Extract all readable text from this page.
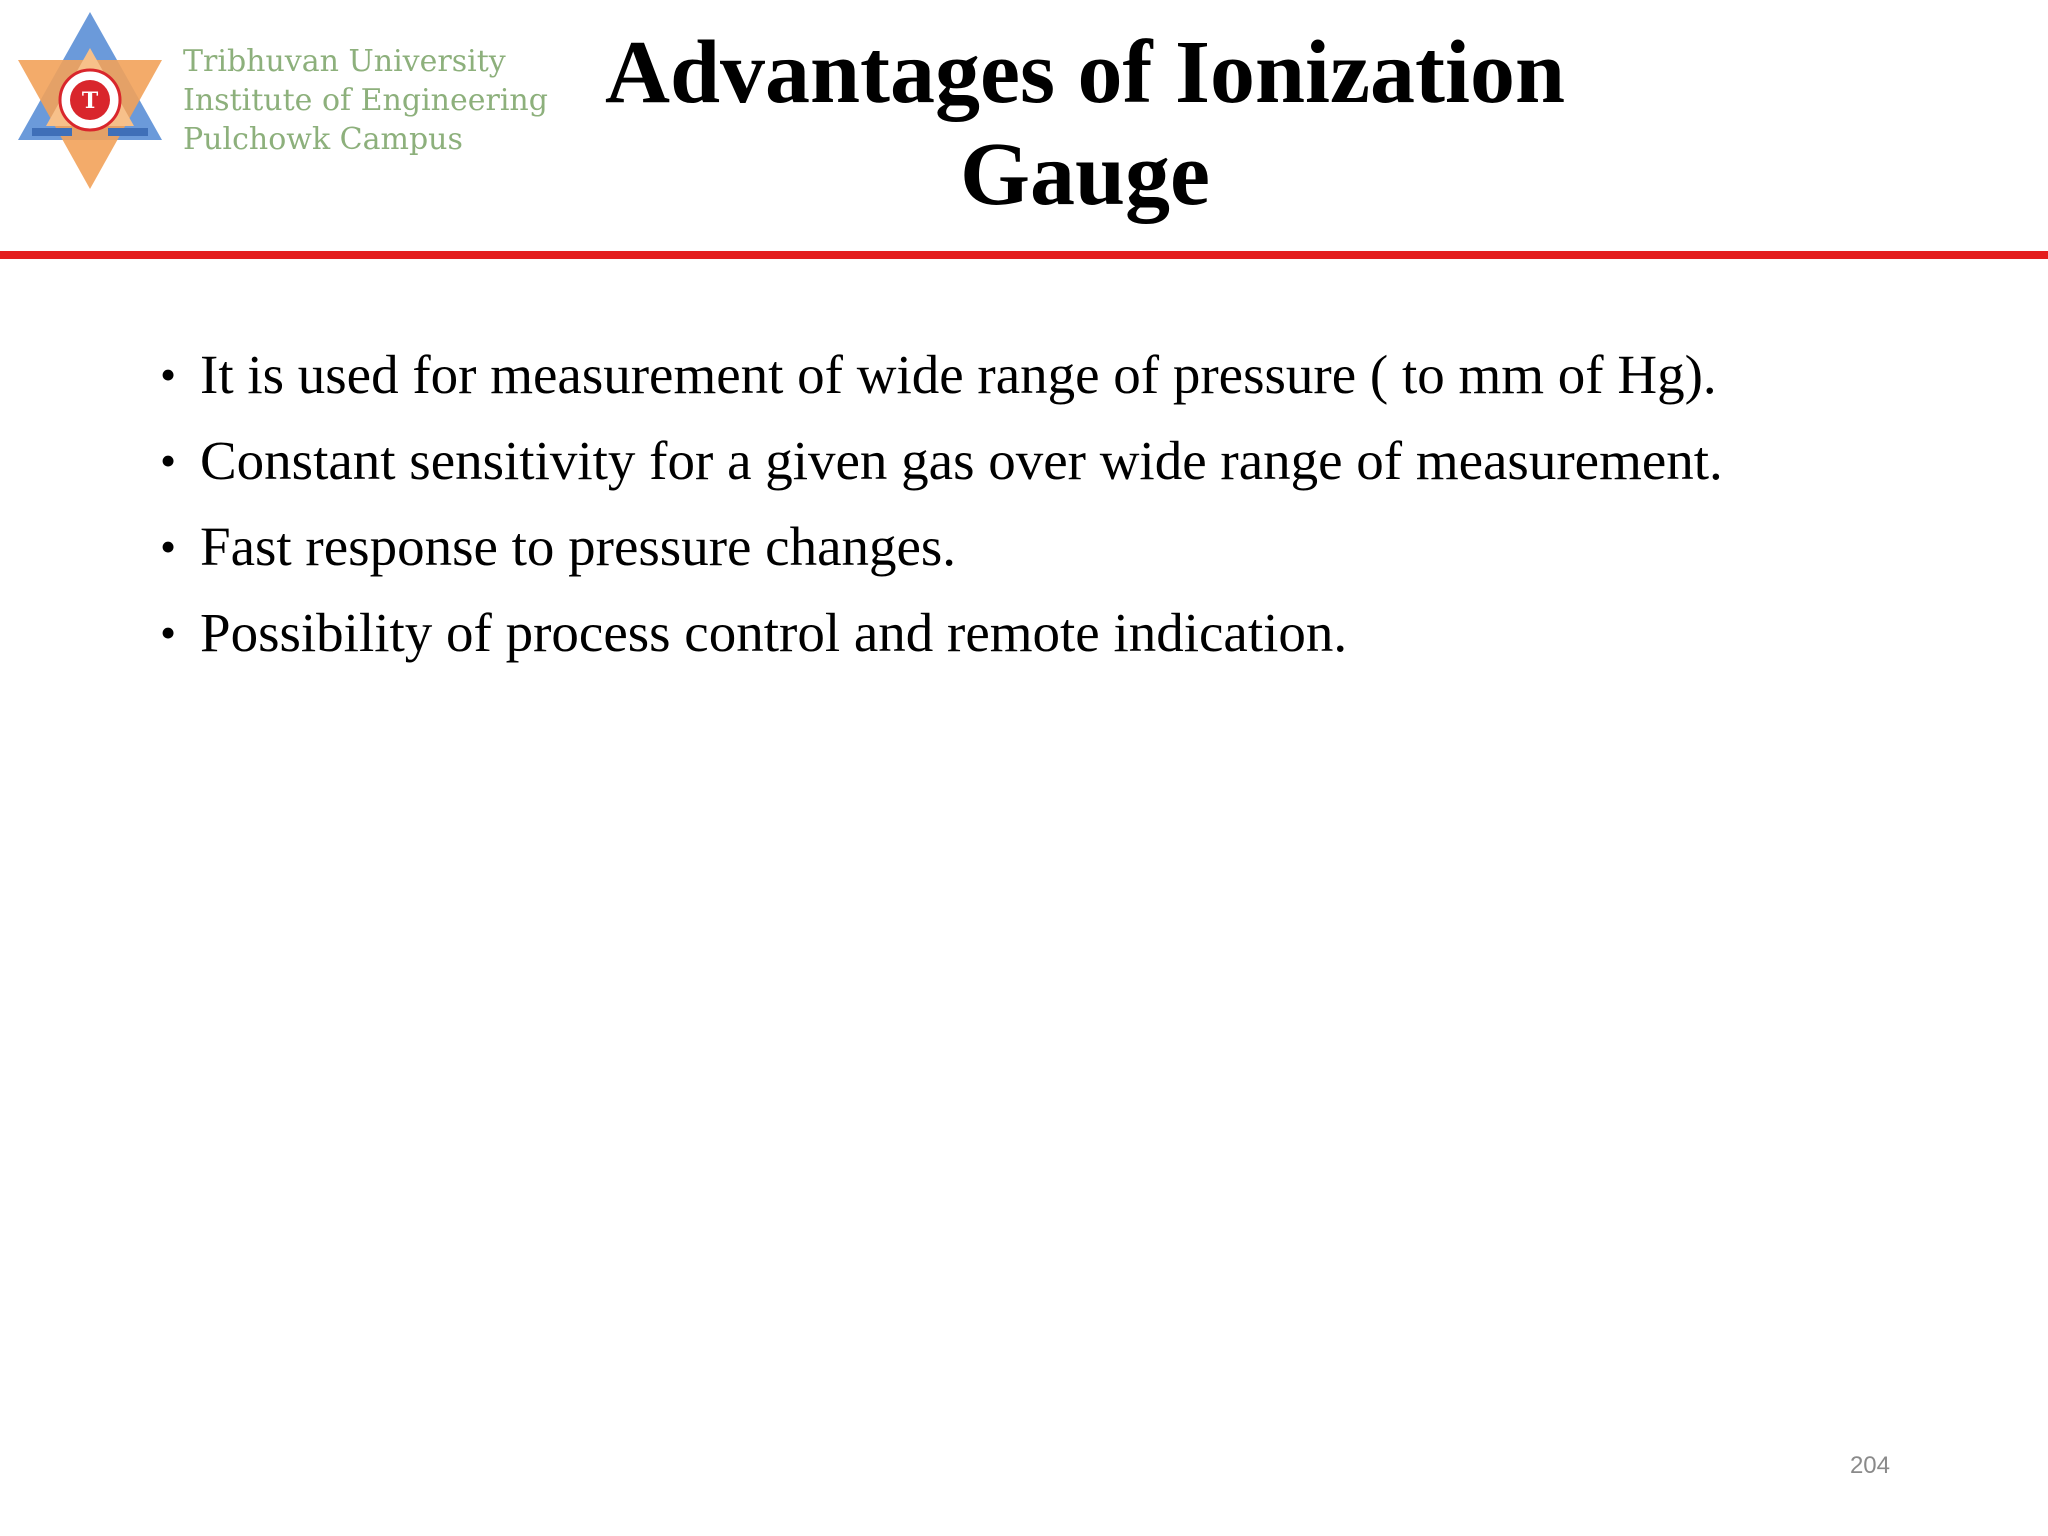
T
Tribhuvan University
Institute of Engineering
Pulchowk Campus
Advantages of Ionization
Gauge
• It is used for measurement of wide range of pressure ( to mm of Hg).
• Constant sensitivity for a given gas over wide range of measurement.
• Fast response to pressure changes.
• Possibility of process control and remote indication.
204
